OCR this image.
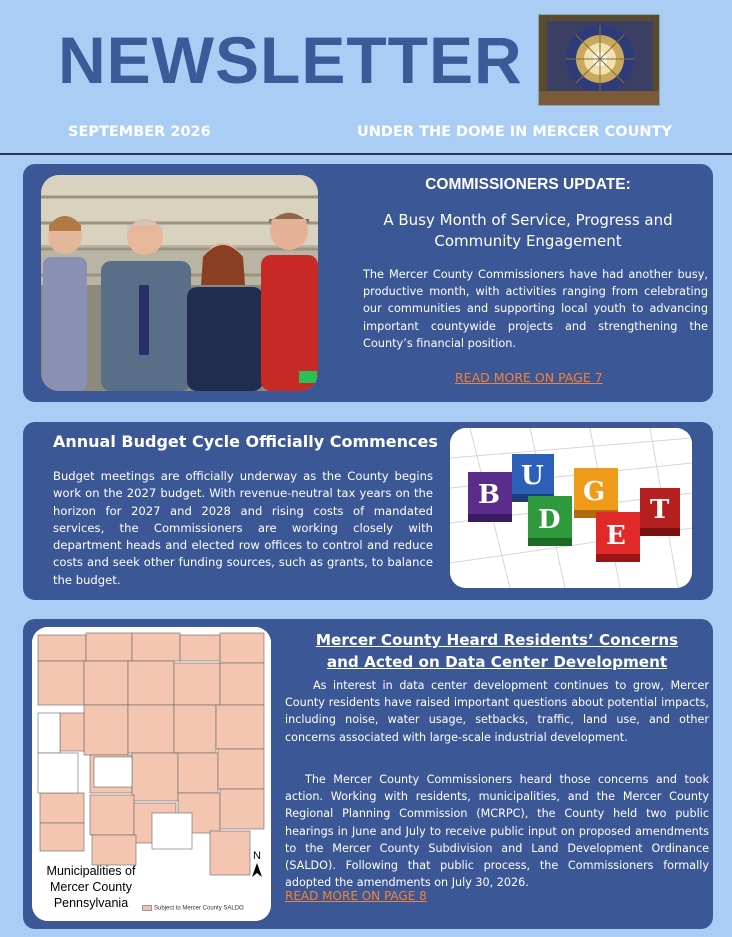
NEWSLETTER
SEPTEMBER 2026	UNDER THE DOME IN MERCER COUNTY
COMMISSIONERS UPDATE:
A Busy Month of Service, Progress and Community Engagement
The Mercer County Commissioners have had another busy, productive month, with activities ranging from celebrating our communities and supporting local youth to advancing important countywide projects and strengthening the County’s financial position.
READ MORE ON PAGE 7
Annual Budget Cycle Officially Commences
Budget meetings are officially underway as the County begins work on the 2027 budget. With revenue-neutral tax years on the horizon for 2027 and 2028 and rising costs of mandated services, the Commissioners are working closely with department heads and elected row offices to control and reduce costs and seek other funding sources, such as grants, to balance the budget.
B
U
D
G
E
T
N
Municipalities of
Mercer County
Pennsylvania	Subject to Mercer County SALDO
Mercer County Heard Residents’ Concerns
and Acted on Data Center Development
As interest in data center development continues to grow, Mercer County residents have raised important questions about potential impacts, including noise, water usage, setbacks, traffic, land use, and other concerns associated with large-scale industrial development.
The Mercer County Commissioners heard those concerns and took action. Working with residents, municipalities, and the Mercer County Regional Planning Commission (MCRPC), the County held two public hearings in June and July to receive public input on proposed amendments to the Mercer County Subdivision and Land Development Ordinance (SALDO). Following that public process, the Commissioners formally adopted the amendments on July 30, 2026.
READ MORE ON PAGE 8
